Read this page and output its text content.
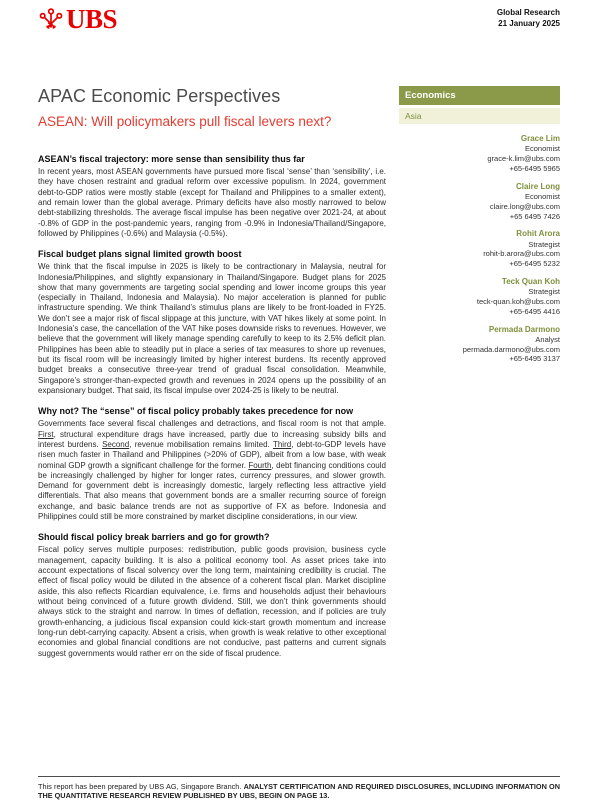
UBS	Global Research
21 January 2025
APAC Economic Perspectives
ASEAN: Will policymakers pull fiscal levers next?
ASEAN’s fiscal trajectory: more sense than sensibility thus far

In recent years, most ASEAN governments have pursued more fiscal ‘sense’ than ‘sensibility’, i.e. they have chosen restraint and gradual reform over excessive populism. In 2024, government debt-to-GDP ratios were mostly stable (except for Thailand and Philippines to a smaller extent), and remain lower than the global average. Primary deficits have also mostly narrowed to below debt-stabilizing thresholds. The average fiscal impulse has been negative over 2021-24, at about -0.8% of GDP in the post-pandemic years, ranging from -0.9% in Indonesia/Thailand/Singapore, followed by Philippines (-0.6%) and Malaysia (-0.5%).

Fiscal budget plans signal limited growth boost

We think that the fiscal impulse in 2025 is likely to be contractionary in Malaysia, neutral for Indonesia/Philippines, and slightly expansionary in Thailand/Singapore. Budget plans for 2025 show that many governments are targeting social spending and lower income groups this year (especially in Thailand, Indonesia and Malaysia). No major acceleration is planned for public infrastructure spending. We think Thailand’s stimulus plans are likely to be front-loaded in FY25. We don’t see a major risk of fiscal slippage at this juncture, with VAT hikes likely at some point. In Indonesia’s case, the cancellation of the VAT hike poses downside risks to revenues. However, we believe that the government will likely manage spending carefully to keep to its 2.5% deficit plan. Philippines has been able to steadily put in place a series of tax measures to shore up revenues, but its fiscal room will be increasingly limited by higher interest burdens. Its recently approved budget breaks a consecutive three-year trend of gradual fiscal consolidation. Meanwhile, Singapore’s stronger-than-expected growth and revenues in 2024 opens up the possibility of an expansionary budget. That said, its fiscal impulse over 2024-25 is likely to be neutral.

Why not? The “sense” of fiscal policy probably takes precedence for now

Governments face several fiscal challenges and detractions, and fiscal room is not that ample. First, structural expenditure drags have increased, partly due to increasing subsidy bills and interest burdens. Second, revenue mobilisation remains limited. Third, debt-to-GDP levels have risen much faster in Thailand and Philippines (>20% of GDP), albeit from a low base, with weak nominal GDP growth a significant challenge for the former. Fourth, debt financing conditions could be increasingly challenged by higher for longer rates, currency pressures, and slower growth. Demand for government debt is increasingly domestic, largely reflecting less attractive yield differentials. That also means that government bonds are a smaller recurring source of foreign exchange, and basic balance trends are not as supportive of FX as before. Indonesia and Philippines could still be more constrained by market discipline considerations, in our view.

Should fiscal policy break barriers and go for growth?

Fiscal policy serves multiple purposes: redistribution, public goods provision, business cycle management, capacity building. It is also a political economy tool. As asset prices take into account expectations of fiscal solvency over the long term, maintaining credibility is crucial. The effect of fiscal policy would be diluted in the absence of a coherent fiscal plan. Market discipline aside, this also reflects Ricardian equivalence, i.e. firms and households adjust their behaviours without being convinced of a future growth dividend. Still, we don’t think governments should always stick to the straight and narrow. In times of deflation, recession, and if policies are truly growth-enhancing, a judicious fiscal expansion could kick-start growth momentum and increase long-run debt-carrying capacity. Absent a crisis, when growth is weak relative to other exceptional economies and global financial conditions are not conducive, past patterns and current signals suggest governments would rather err on the side of fiscal prudence.

Economics
Asia
Grace Lim
Economist
grace-k.lim@ubs.com
+65-6495 5965
Claire Long
Economist
claire.long@ubs.com
+65 6495 7426
Rohit Arora
Strategist
rohit-b.arora@ubs.com
+65-6495 5232
Teck Quan Koh
Strategist
teck-quan.koh@ubs.com
+65-6495 4416
Permada Darmono
Analyst
permada.darmono@ubs.com
+65-6495 3137
This report has been prepared by UBS AG, Singapore Branch. ANALYST CERTIFICATION AND REQUIRED DISCLOSURES, INCLUDING INFORMATION ON THE QUANTITATIVE RESEARCH REVIEW PUBLISHED BY UBS, BEGIN ON PAGE 13.
